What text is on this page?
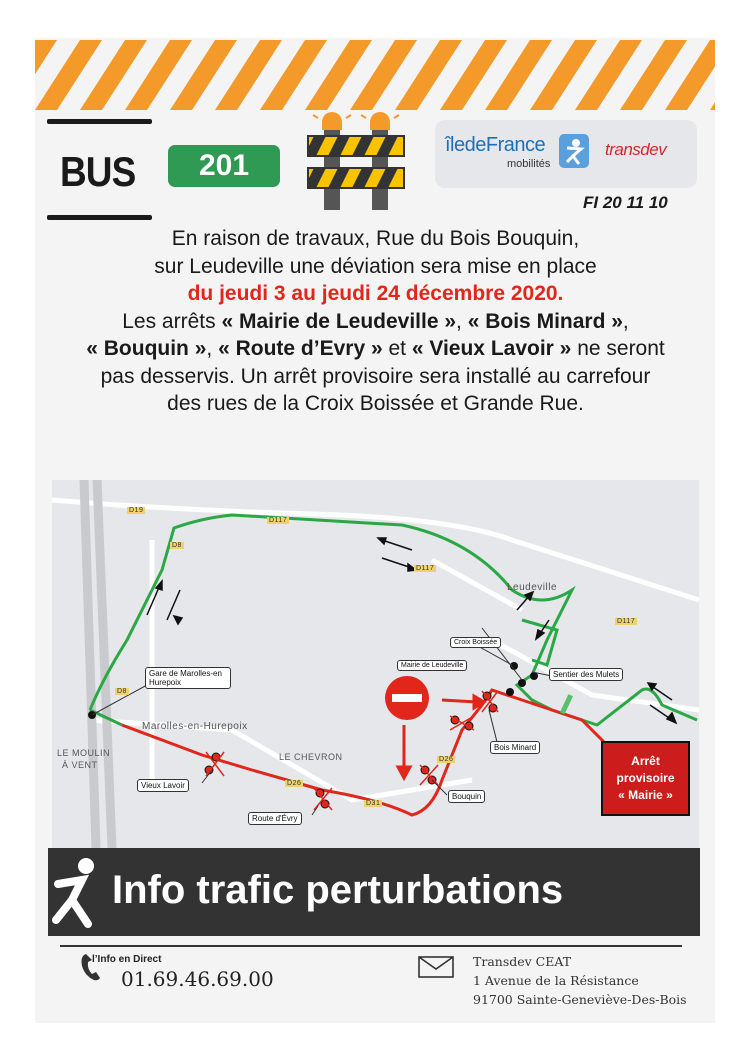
BUS	201
îledeFrance
mobilités
transdev
FI 20 11 10
En raison de travaux, Rue du Bois Bouquin,
sur Leudeville une déviation sera mise en place
du jeudi 3 au jeudi 24 décembre 2020.
Les arrêts « Mairie de Leudeville », « Bois Minard »,
« Bouquin », « Route d’Evry » et « Vieux Lavoir » ne seront
pas desservis. Un arrêt provisoire sera installé au carrefour
des rues de la Croix Boissée et Grande Rue.
D19
D117
D117
D117
D8
D8
D26
D31
D26
Leudeville
Marolles-en-Hurepoix
LE MOULIN
À VENT
LE CHEVRON
Gare de Marolles-en Hurepoix
Croix Boissée
Mairie de Leudeville
Sentier des Mulets
Bois Minard
Bouquin
Vieux Lavoir
Route d'Évry
Arrêt
provisoire
« Mairie »
Info trafic perturbations
l’Info en Direct
01.69.46.69.00
Transdev CEAT
1 Avenue de la Résistance
91700 Sainte-Geneviève-Des-Bois
